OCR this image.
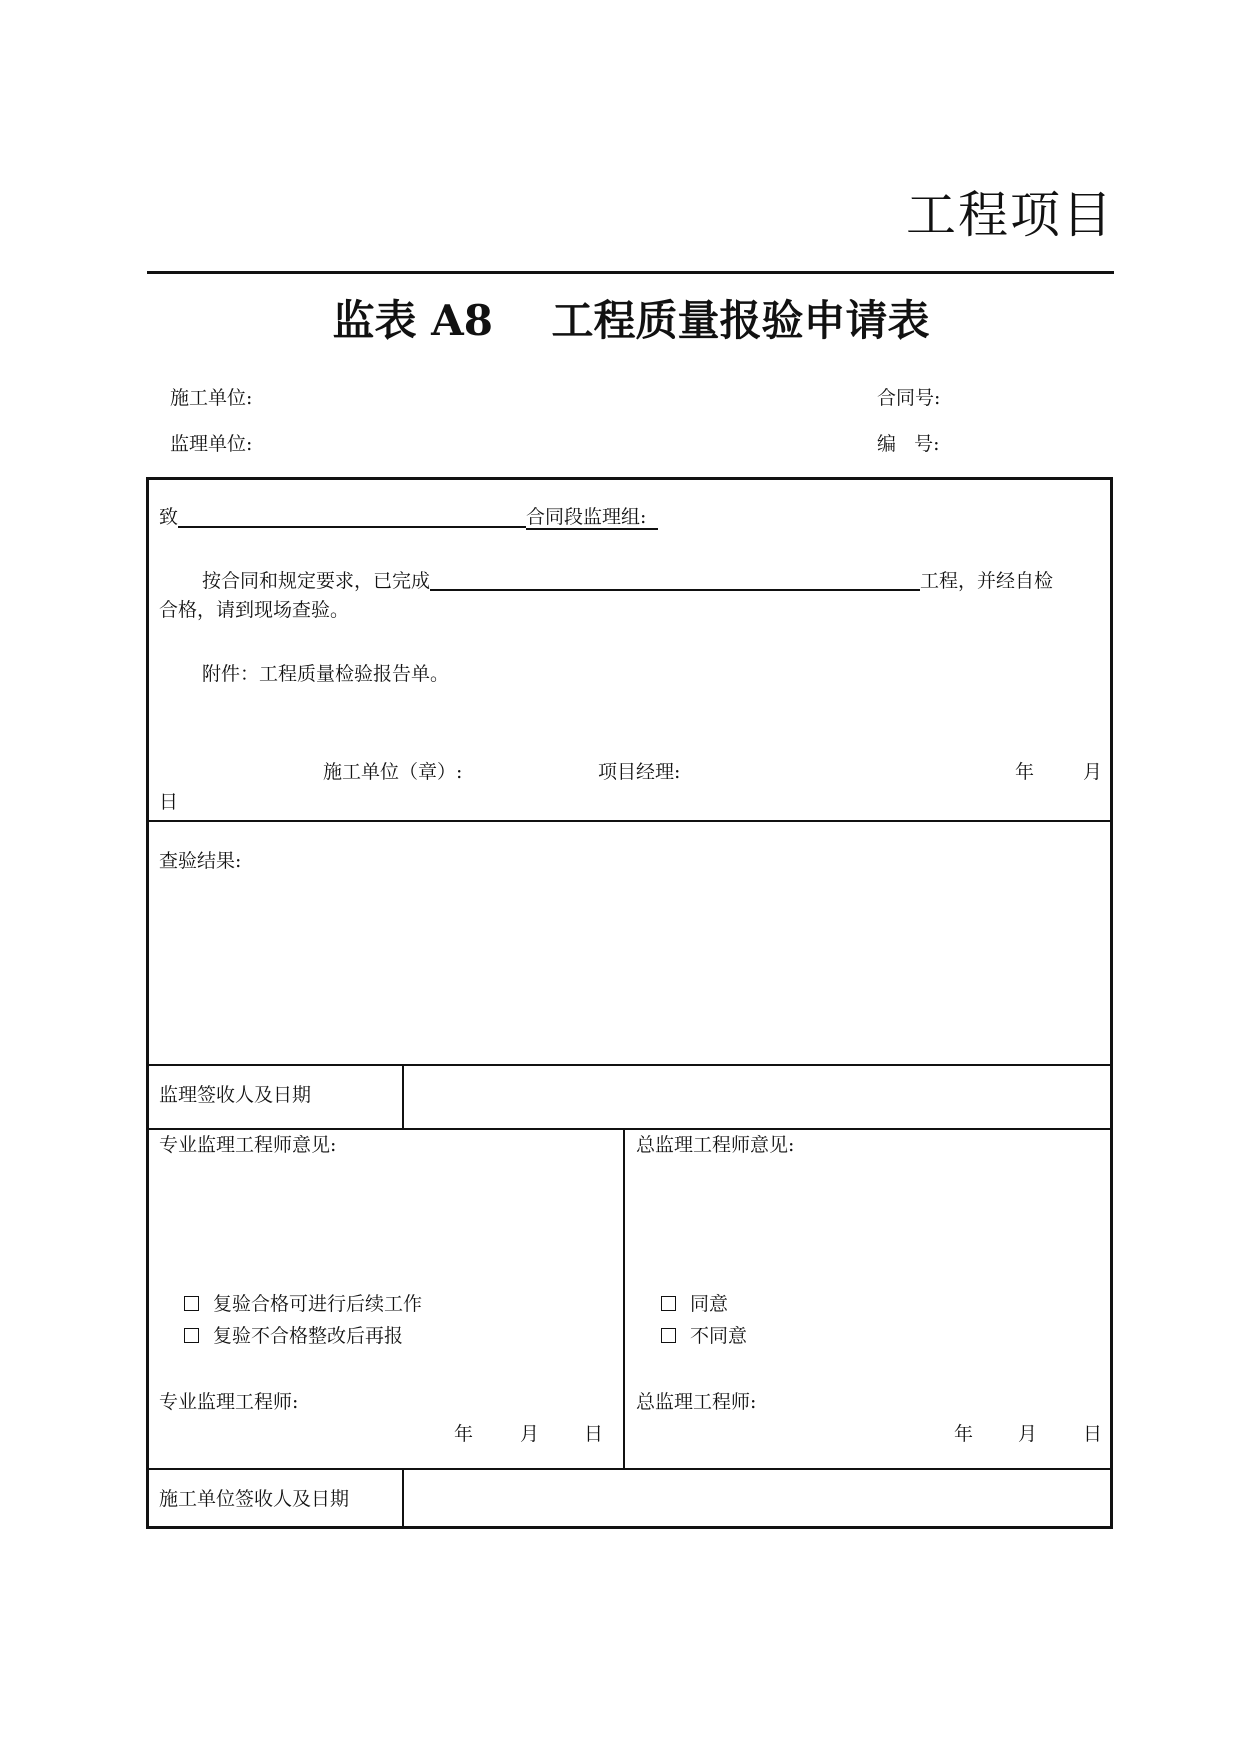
工程项目
监表 A8    工程质量报验申请表
施工单位:	合同号:
监理单位:	编   号:
致	合同段监理组:
按合同和规定要求，已完成	工程，并经自检
合格，请到现场查验。
附件：工程质量检验报告单。
施工单位（章）:	项目经理:	年	月
日
查验结果:
监理签收人及日期
专业监理工程师意见:
复验合格可进行后续工作
复验不合格整改后再报
专业监理工程师:
年 月 日
总监理工程师意见:
同意
不同意
总监理工程师:
年 月 日
施工单位签收人及日期
